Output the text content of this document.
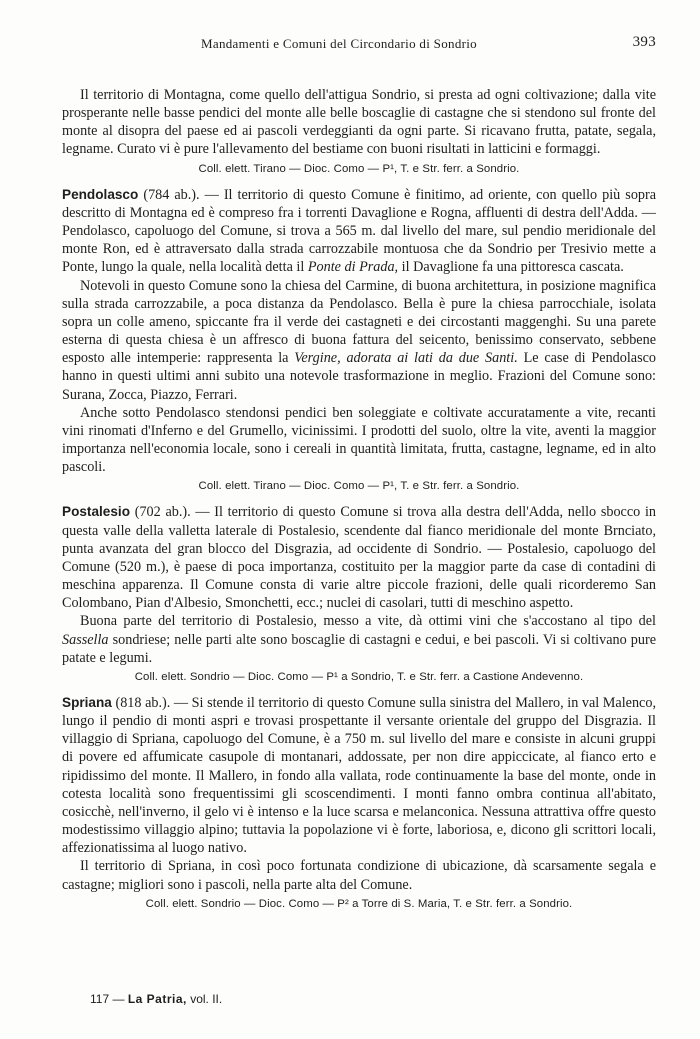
Mandamenti e Comuni del Circondario di Sondrio	393

Il territorio di Montagna, come quello dell'attigua Sondrio, si presta ad ogni coltivazione; dalla vite prosperante nelle basse pendici del monte alle belle boscaglie di castagne che si stendono sul fronte del monte al disopra del paese ed ai pascoli verdeggianti da ogni parte. Si ricavano frutta, patate, segala, legname. Curato vi è pure l'allevamento del bestiame con buoni risultati in latticini e formaggi.

Coll. elett. Tirano — Dioc. Como — P¹, T. e Str. ferr. a Sondrio.

Pendolasco (784 ab.). — Il territorio di questo Comune è finitimo, ad oriente, con quello più sopra descritto di Montagna ed è compreso fra i torrenti Davaglione e Rogna, affluenti di destra dell'Adda. — Pendolasco, capoluogo del Comune, si trova a 565 m. dal livello del mare, sul pendio meridionale del monte Ron, ed è attraversato dalla strada carrozzabile montuosa che da Sondrio per Tresivio mette a Ponte, lungo la quale, nella località detta il Ponte di Prada, il Davaglione fa una pittoresca cascata.

Notevoli in questo Comune sono la chiesa del Carmine, di buona architettura, in posizione magnifica sulla strada carrozzabile, a poca distanza da Pendolasco. Bella è pure la chiesa parrocchiale, isolata sopra un colle ameno, spiccante fra il verde dei castagneti e dei circostanti maggenghi. Su una parete esterna di questa chiesa è un affresco di buona fattura del seicento, benissimo conservato, sebbene esposto alle intemperie: rappresenta la Vergine, adorata ai lati da due Santi. Le case di Pendolasco hanno in questi ultimi anni subito una notevole trasformazione in meglio. Frazioni del Comune sono: Surana, Zocca, Piazzo, Ferrari.

Anche sotto Pendolasco stendonsi pendici ben soleggiate e coltivate accuratamente a vite, recanti vini rinomati d'Inferno e del Grumello, vicinissimi. I prodotti del suolo, oltre la vite, aventi la maggior importanza nell'economia locale, sono i cereali in quantità limitata, frutta, castagne, legname, ed in alto pascoli.

Coll. elett. Tirano — Dioc. Como — P¹, T. e Str. ferr. a Sondrio.

Postalesio (702 ab.). — Il territorio di questo Comune si trova alla destra dell'Adda, nello sbocco in questa valle della valletta laterale di Postalesio, scendente dal fianco meridionale del monte Brnciato, punta avanzata del gran blocco del Disgrazia, ad occidente di Sondrio. — Postalesio, capoluogo del Comune (520 m.), è paese di poca importanza, costituito per la maggior parte da case di contadini di meschina apparenza. Il Comune consta di varie altre piccole frazioni, delle quali ricorderemo San Colombano, Pian d'Albesio, Smonchetti, ecc.; nuclei di casolari, tutti di meschino aspetto.

Buona parte del territorio di Postalesio, messo a vite, dà ottimi vini che s'accostano al tipo del Sassella sondriese; nelle parti alte sono boscaglie di castagni e cedui, e bei pascoli. Vi si coltivano pure patate e legumi.

Coll. elett. Sondrio — Dioc. Como — P¹ a Sondrio, T. e Str. ferr. a Castione Andevenno.

Spriana (818 ab.). — Si stende il territorio di questo Comune sulla sinistra del Mallero, in val Malenco, lungo il pendio di monti aspri e trovasi prospettante il versante orientale del gruppo del Disgrazia. Il villaggio di Spriana, capoluogo del Comune, è a 750 m. sul livello del mare e consiste in alcuni gruppi di povere ed affumicate casupole di montanari, addossate, per non dire appiccicate, al fianco erto e ripidissimo del monte. Il Mallero, in fondo alla vallata, rode continuamente la base del monte, onde in cotesta località sono frequentissimi gli scoscendimenti. I monti fanno ombra continua all'abitato, cosicchè, nell'inverno, il gelo vi è intenso e la luce scarsa e melanconica. Nessuna attrattiva offre questo modestissimo villaggio alpino; tuttavia la popolazione vi è forte, laboriosa, e, dicono gli scrittori locali, affezionatissima al luogo nativo.

Il territorio di Spriana, in così poco fortunata condizione di ubicazione, dà scarsamente segala e castagne; migliori sono i pascoli, nella parte alta del Comune.

Coll. elett. Sondrio — Dioc. Como — P² a Torre di S. Maria, T. e Str. ferr. a Sondrio.
117 — La Patria, vol. II.
